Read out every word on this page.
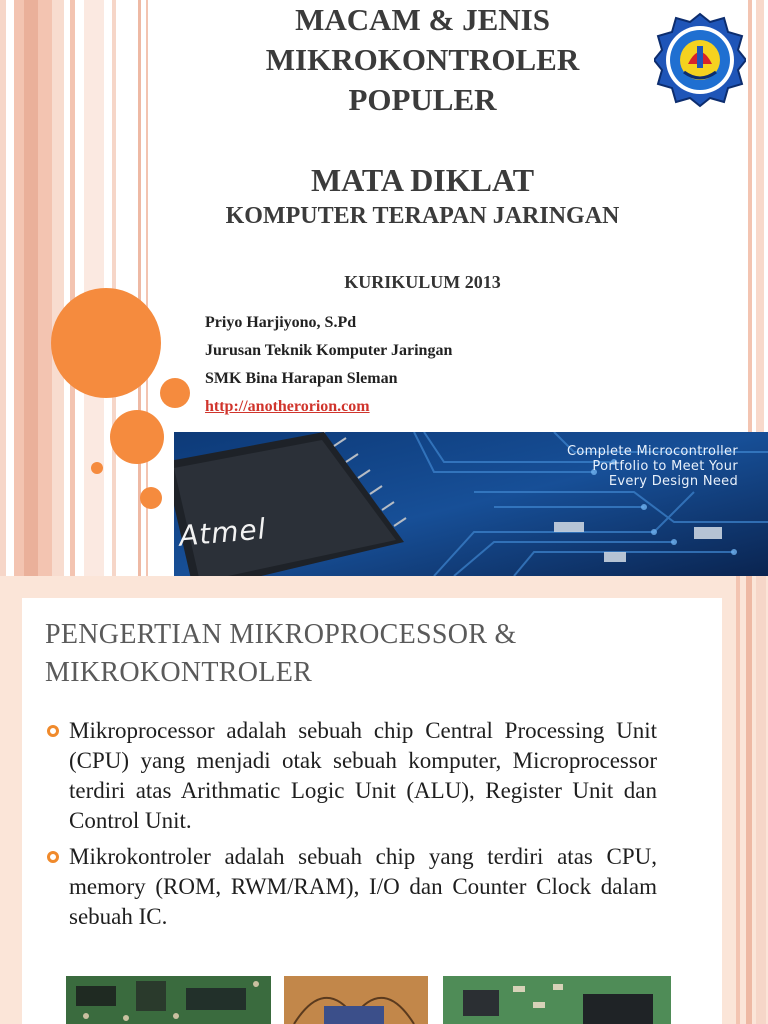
MACAM & JENIS
MIKROKONTROLER
POPULER
MATA DIKLAT
KOMPUTER TERAPAN JARINGAN
KURIKULUM 2013
Priyo Harjiyono, S.Pd
Jurusan Teknik Komputer Jaringan
SMK Bina Harapan Sleman
http://anotherorion.com
Atmel
Complete Microcontroller
Portfolio to Meet Your
Every Design Need
PENGERTIAN MIKROPROCESSOR &
MIKROKONTROLER
Mikroprocessor adalah sebuah chip Central Processing Unit (CPU) yang menjadi otak sebuah komputer, Microprocessor terdiri atas Arithmatic Logic Unit (ALU), Register Unit dan Control Unit.
Mikrokontroler adalah sebuah chip yang terdiri atas CPU, memory (ROM, RWM/RAM), I/O dan Counter Clock dalam sebuah IC.
